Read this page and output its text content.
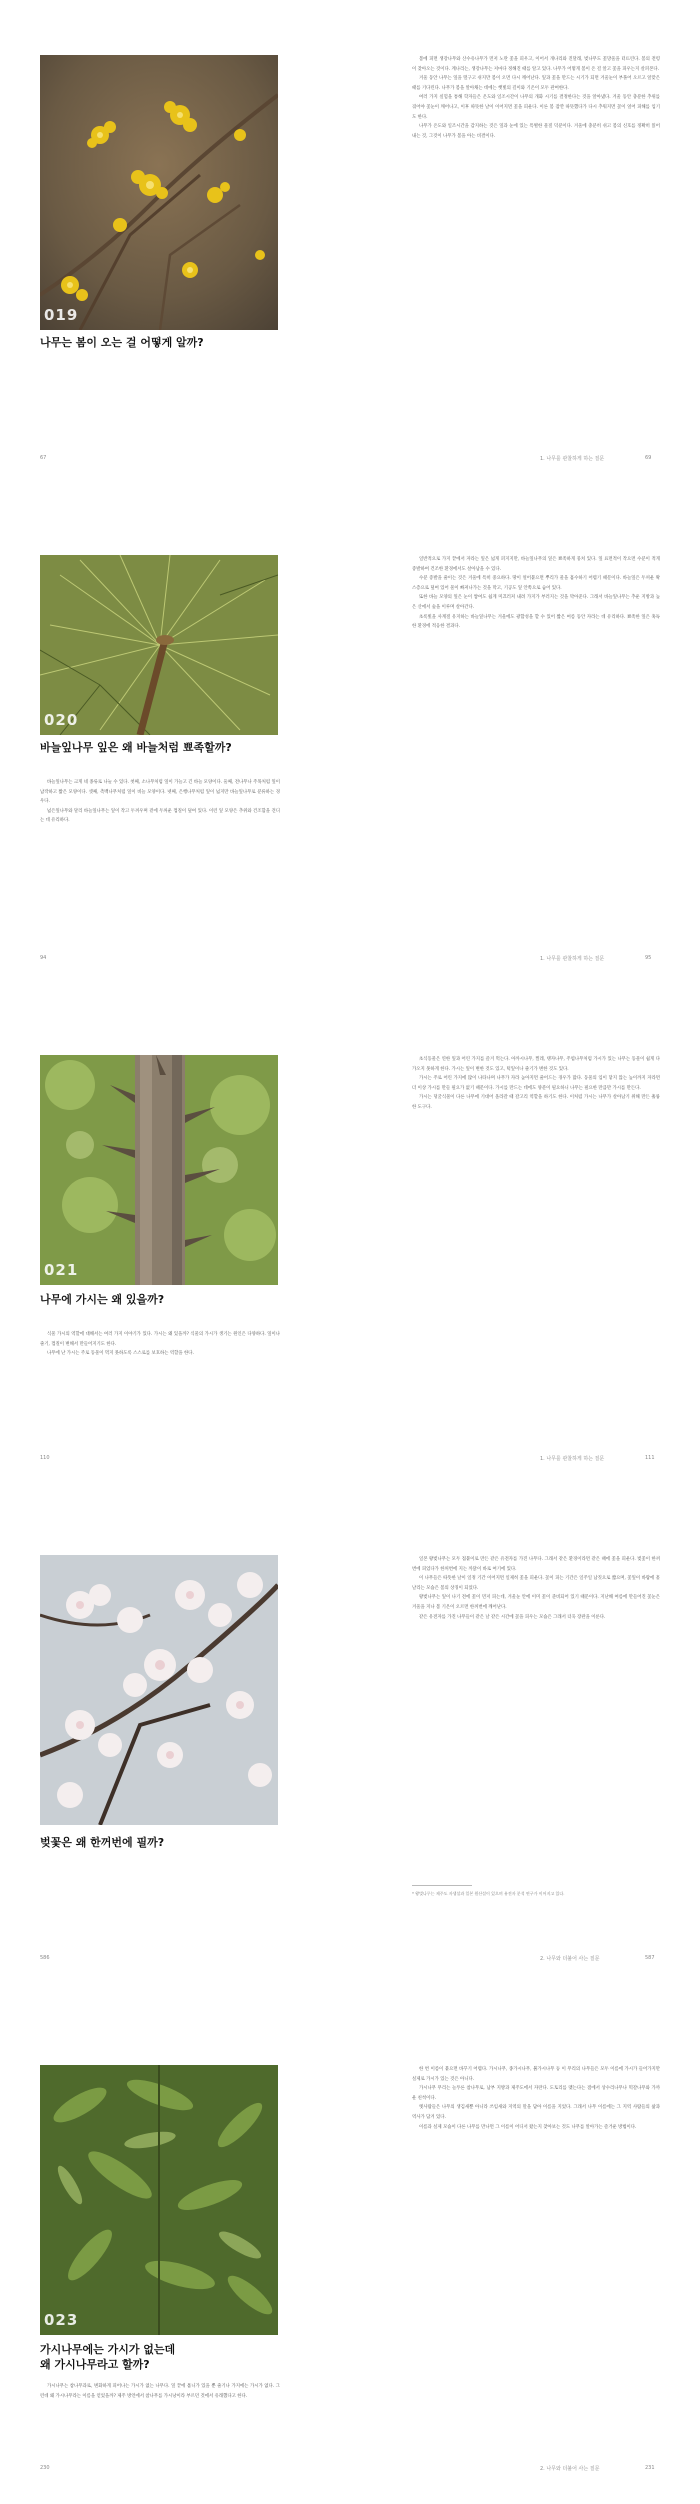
019
나무는 봄이 오는 걸 어떻게 알까?
67

봄에 피면 생강나무와 산수유나무가 먼저 노란 꽃을 피우고, 이어서 개나리와 진달래, 벚나무도 꽃망울을 터뜨린다. 봄의 전령이 찾아오는 것이다. 계나리는, 생강나무는 저마다 정해진 때를 알고 있다. 나무가 어떻게 봄이 온 걸 알고 꽃을 피우는지 살펴본다.

겨울 동안 나무는 잎을 떨구고 쉬지만 봄이 오면 다시 깨어난다. 잎과 꽃을 만드는 시기가 되면 겨울눈이 부풀어 오르고 알맞은 때를 기다린다. 나무가 봄을 알아채는 데에는 햇빛의 길이와 기온이 모두 관여한다.

여러 가지 실험을 통해 학자들은 온도와 일조시간이 나무의 개화 시기를 결정한다는 것을 알아냈다. 겨울 동안 충분한 추위를 겪어야 꽃눈이 깨어나고, 이후 따뜻한 날이 이어지면 꽃을 피운다. 이른 봄 잠깐 따뜻했다가 다시 추워지면 꽃이 얼어 피해를 입기도 한다.

나무가 온도와 일조시간을 감지하는 것은 잎과 눈에 있는 특별한 물질 덕분이다. 겨울에 충분히 쉬고 봄의 신호를 정확히 읽어내는 것, 그것이 나무가 봄을 아는 비결이다.

1. 나무를 관찰하게 하는 질문	69
020
바늘잎나무 잎은 왜 바늘처럼 뾰족할까?

바늘잎나무는 크게 네 종류로 나눌 수 있다. 첫째, 소나무처럼 잎이 가늘고 긴 바늘 모양이다. 둘째, 전나무나 주목처럼 잎이 납작하고 짧은 모양이다. 셋째, 측백나무처럼 잎이 비늘 모양이다. 넷째, 은행나무처럼 잎이 넓지만 바늘잎나무로 분류하는 경우다.

넓은잎나무와 달리 바늘잎나무는 잎이 작고 두꺼우며 겉에 두꺼운 껍질이 덮여 있다. 이런 잎 모양은 추위와 건조함을 견디는 데 유리하다.

94

일반적으로 가지 끝에서 자라는 잎은 넓게 퍼지지만, 바늘잎나무의 잎은 뾰족하게 뭉쳐 있다. 잎 표면적이 작으면 수분이 적게 증발하여 건조한 환경에서도 살아남을 수 있다.

수분 증발을 줄이는 것은 겨울에 특히 중요하다. 땅이 얼어붙으면 뿌리가 물을 흡수하기 어렵기 때문이다. 바늘잎은 두꺼운 왁스층으로 덮여 있어 물이 빠져나가는 것을 막고, 기공도 잎 안쪽으로 숨어 있다.

또한 바늘 모양의 잎은 눈이 쌓여도 쉽게 미끄러져 내려 가지가 부러지는 것을 막아준다. 그래서 바늘잎나무는 추운 지방과 높은 산에서 숲을 이루며 살아간다.

초록빛을 사계절 유지하는 바늘잎나무는 겨울에도 광합성을 할 수 있어 짧은 여름 동안 자라는 데 유리하다. 뾰족한 잎은 혹독한 환경에 적응한 결과다.

1. 나무를 관찰하게 하는 질문	95
021
나무에 가시는 왜 있을까?

식물 가시의 역할에 대해서는 여러 가지 이야기가 있다. 가시는 왜 있을까? 식물의 가시가 생기는 원인은 다양하다. 잎이나 줄기, 껍질이 변해서 만들어지기도 한다.

나무에 난 가시는 주로 동물이 먹지 못하도록 스스로를 보호하는 역할을 한다.

110

초식동물은 연한 잎과 어린 가지를 즐겨 먹는다. 아까시나무, 찔레, 탱자나무, 주엽나무처럼 가시가 있는 나무는 동물이 쉽게 다가오지 못하게 한다. 가시는 잎이 변한 것도 있고, 턱잎이나 줄기가 변한 것도 있다.

가시는 주로 어린 가지에 많이 나타나며 나무가 자라 높아지면 줄어드는 경우가 많다. 동물의 입이 닿지 않는 높이까지 자라면 더 이상 가시를 만들 필요가 없기 때문이다. 가시를 만드는 데에도 양분이 필요하니 나무는 필요한 만큼만 가시를 만든다.

가시는 덩굴식물이 다른 나무에 기대어 올라갈 때 갈고리 역할을 하기도 한다. 이처럼 가시는 나무가 살아남기 위해 만든 훌륭한 도구다.

1. 나무를 관찰하게 하는 질문	111
벚꽃은 왜 한꺼번에 필까?
586

일본 왕벚나무는 모두 접붙이로 만든 같은 유전자를 가진 나무다. 그래서 같은 환경이라면 같은 때에 꽃을 피운다. 벚꽃이 한꺼번에 피었다가 한꺼번에 지는 까닭이 바로 여기에 있다.

이 나무들은 따뜻한 날이 일정 기간 이어지면 일제히 꽃을 피운다. 꽃이 피는 기간은 일주일 남짓으로 짧으며, 꽃잎이 바람에 흩날리는 모습은 봄의 상징이 되었다.

왕벚나무는 잎이 나기 전에 꽃이 먼저 피는데, 겨울눈 안에 이미 꽃이 준비되어 있기 때문이다. 지난해 여름에 만들어진 꽃눈은 겨울을 지나 봄 기온이 오르면 한꺼번에 깨어난다.

같은 유전자를 가진 나무들이 같은 날 같은 시간에 꽃을 피우는 모습은 그래서 더욱 장관을 이룬다.

* 왕벚나무는 제주도 자생설과 일본 원산설이 있으며 유전자 분석 연구가 이어지고 있다.
2. 나무와 더불어 사는 질문	587
023
가시나무에는 가시가 없는데
왜 가시나무라고 할까?

가시나무는 참나무과로, 변화하게 피어나는 가시가 없는 나무다. 잎 끝에 톱니가 있을 뿐 줄기나 가지에는 가시가 없다. 그런데 왜 가시나무라는 이름을 얻었을까? 제주 방언에서 참나무를 가시낭이라 부르던 것에서 유래했다고 한다.

230

한 번 이름이 붙으면 바꾸기 어렵다. 가시나무, 종가시나무, 붉가시나무 등 이 무리의 나무들은 모두 이름에 가시가 들어가지만 실제로 가시가 있는 것은 아니다.

가시나무 무리는 늘푸른 참나무로, 남부 지방과 제주도에서 자란다. 도토리를 맺는다는 점에서 상수리나무나 떡갈나무와 가까운 친척이다.

옛사람들은 나무의 생김새뿐 아니라 쓰임새와 지역의 말을 담아 이름을 지었다. 그래서 나무 이름에는 그 지역 사람들의 삶과 역사가 담겨 있다.

이름과 실제 모습이 다른 나무를 만나면 그 이름이 어디서 왔는지 찾아보는 것도 나무를 알아가는 즐거운 방법이다.

2. 나무와 더불어 사는 질문	231
